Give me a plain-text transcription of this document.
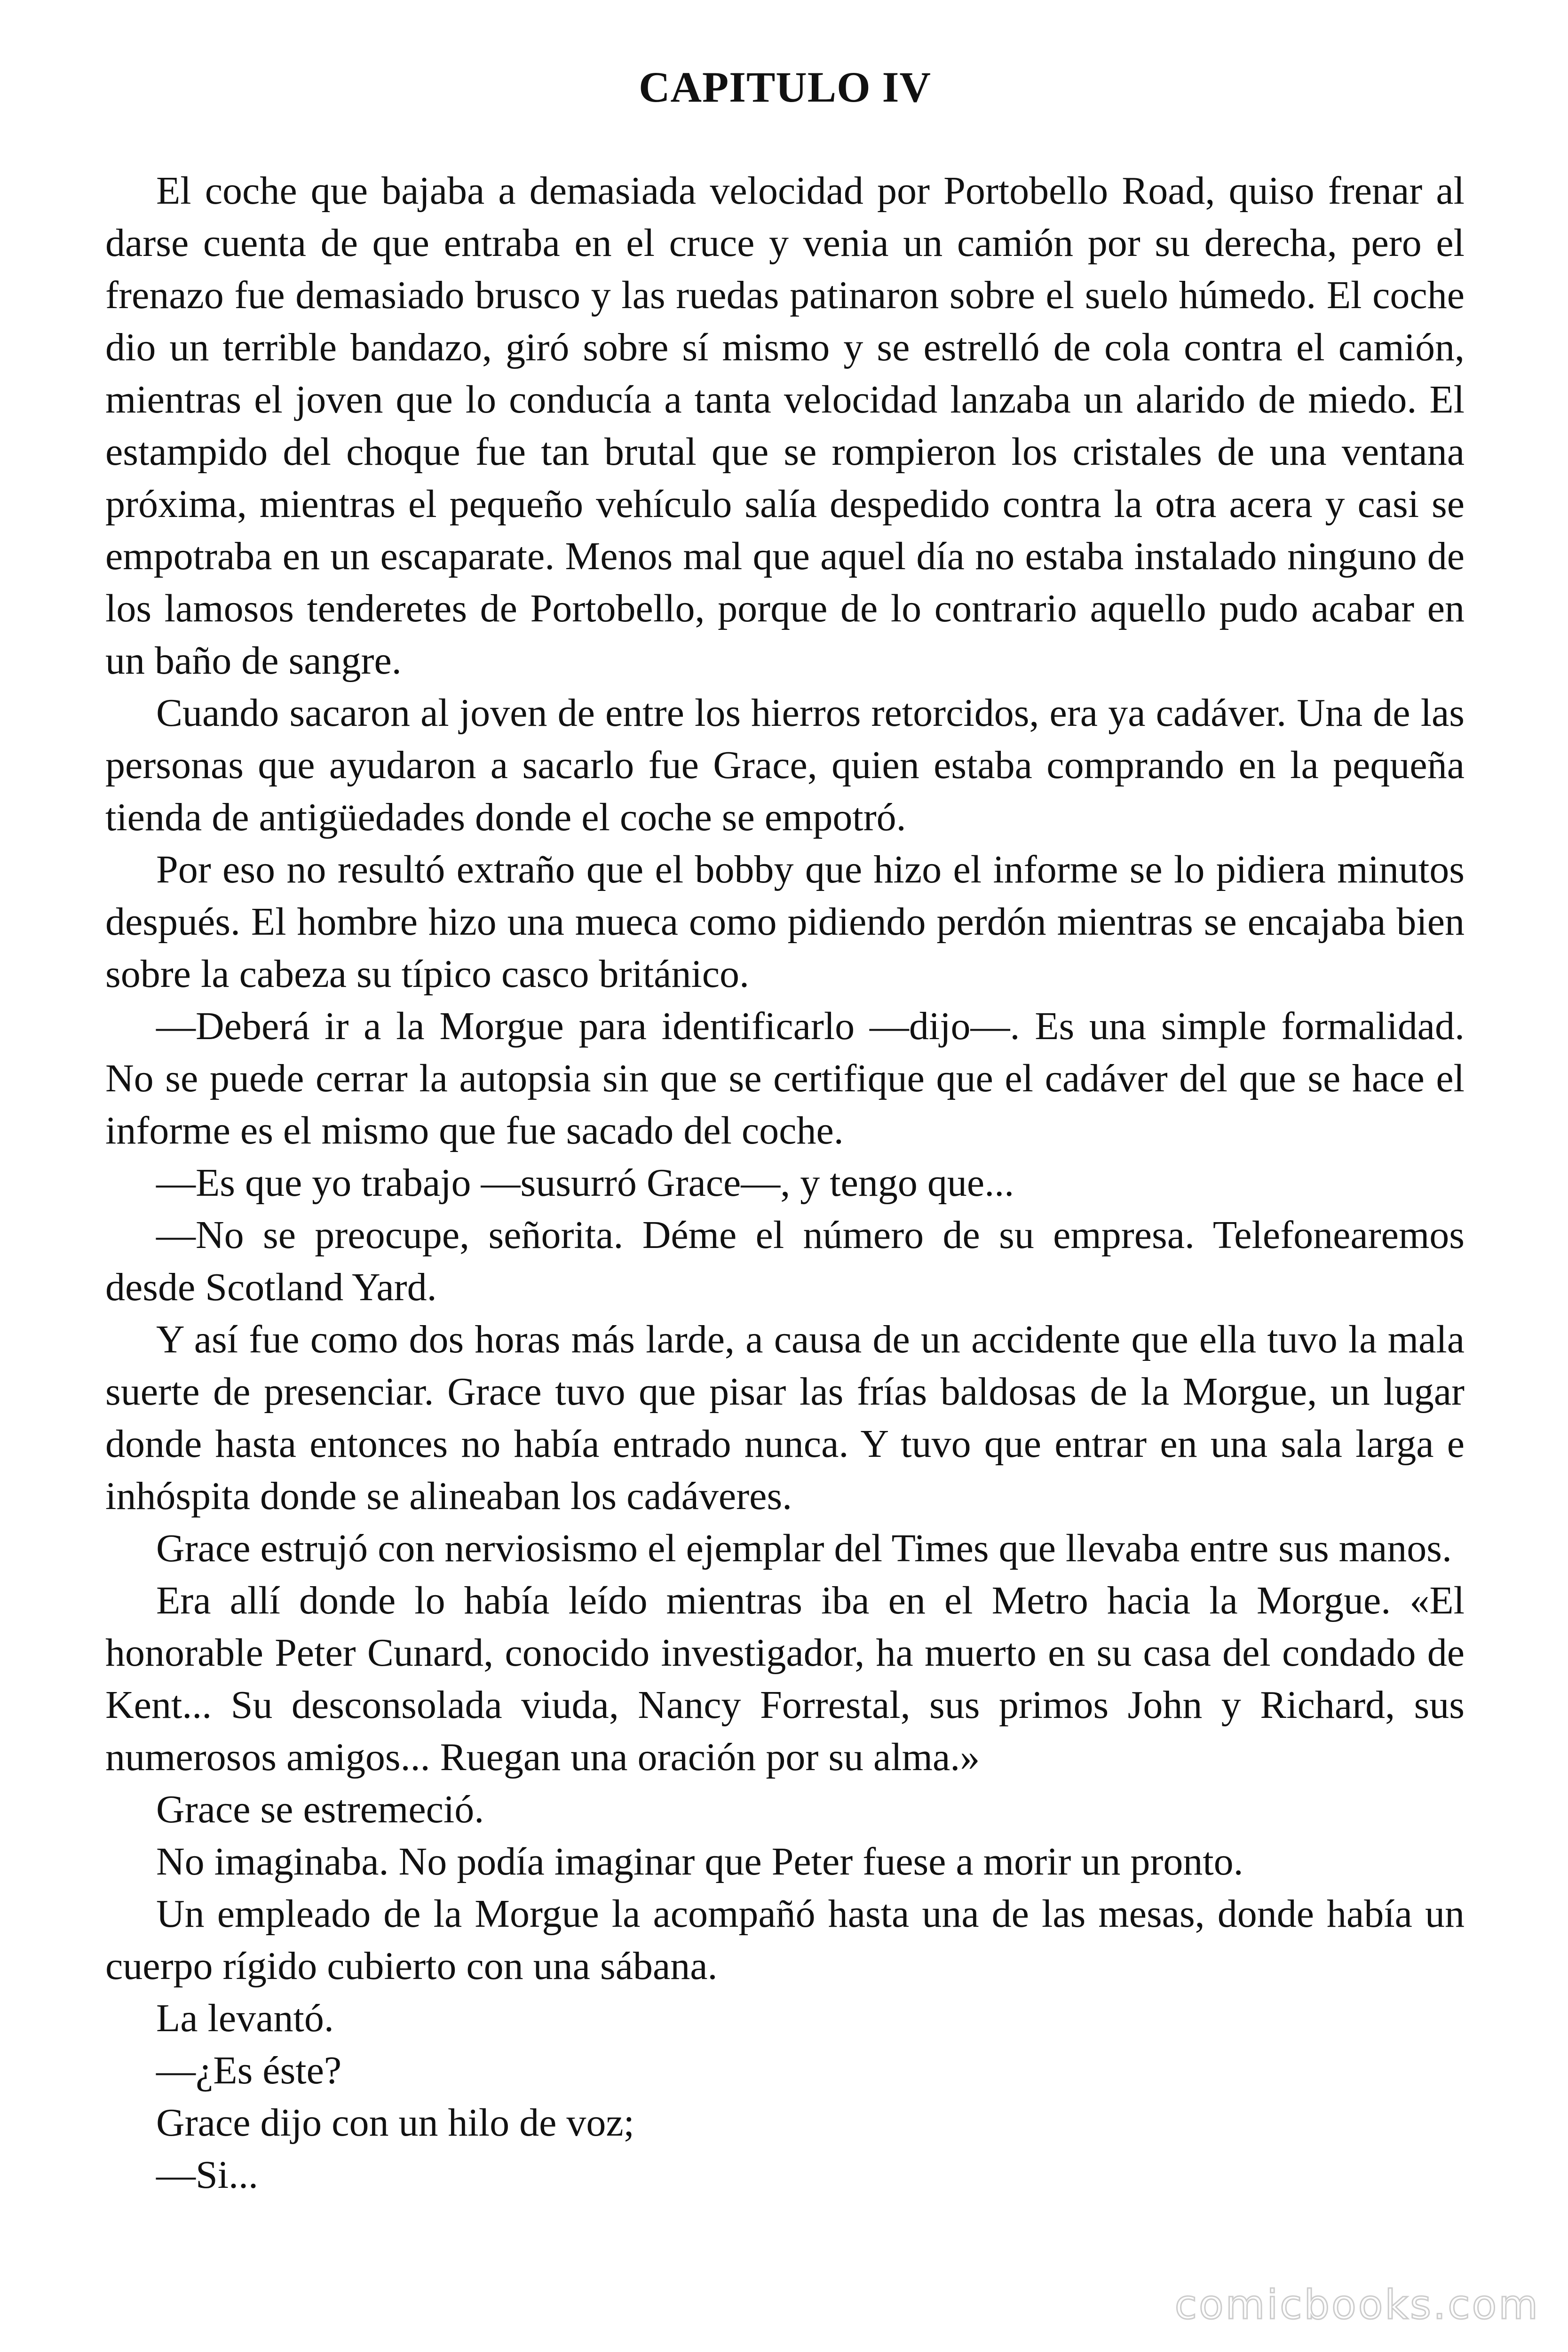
CAPITULO IV

El coche que bajaba a demasiada velocidad por Portobello Road, quiso frenar al darse cuenta de que entraba en el cruce y venia un camión por su derecha, pero el frenazo fue demasiado brusco y las ruedas patinaron sobre el suelo húmedo. El coche dio un terrible bandazo, giró sobre sí mismo y se estrelló de cola contra el camión, mientras el joven que lo conducía a tanta velocidad lanzaba un alarido de miedo. El estampido del choque fue tan brutal que se rompieron los cristales de una ventana próxima, mientras el pequeño vehículo salía despedido contra la otra acera y casi se empotraba en un escaparate. Menos mal que aquel día no estaba instalado ninguno de los lamosos tenderetes de Portobello, porque de lo contrario aquello pudo acabar en un baño de sangre.

Cuando sacaron al joven de entre los hierros retorcidos, era ya cadáver. Una de las personas que ayudaron a sacarlo fue Grace, quien estaba comprando en la pequeña tienda de antigüedades donde el coche se empotró.

Por eso no resultó extraño que el bobby que hizo el informe se lo pidiera minutos después. El hombre hizo una mueca como pidiendo perdón mientras se encajaba bien sobre la cabeza su típico casco británico.

—Deberá ir a la Morgue para identificarlo —dijo—. Es una simple formalidad. No se puede cerrar la autopsia sin que se certifique que el cadáver del que se hace el informe es el mismo que fue sacado del coche.

—Es que yo trabajo —susurró Grace—, y tengo que...

—No se preocupe, señorita. Déme el número de su empresa. Telefonearemos desde Scotland Yard.

Y así fue como dos horas más larde, a causa de un accidente que ella tuvo la mala suerte de presenciar. Grace tuvo que pisar las frías baldosas de la Morgue, un lugar donde hasta entonces no había entrado nunca. Y tuvo que entrar en una sala larga e inhóspita donde se alineaban los cadáveres.

Grace estrujó con nerviosismo el ejemplar del Times que llevaba entre sus manos.

Era allí donde lo había leído mientras iba en el Metro hacia la Morgue. «El honorable Peter Cunard, conocido investigador, ha muerto en su casa del condado de Kent... Su desconsolada viuda, Nancy Forrestal, sus primos John y Richard, sus numerosos amigos... Ruegan una oración por su alma.»

Grace se estremeció.

No imaginaba. No podía imaginar que Peter fuese a morir un pronto.

Un empleado de la Morgue la acompañó hasta una de las mesas, donde había un cuerpo rígido cubierto con una sábana.

La levantó.

—¿Es éste?

Grace dijo con un hilo de voz;

—Si...

comicbooks.com
